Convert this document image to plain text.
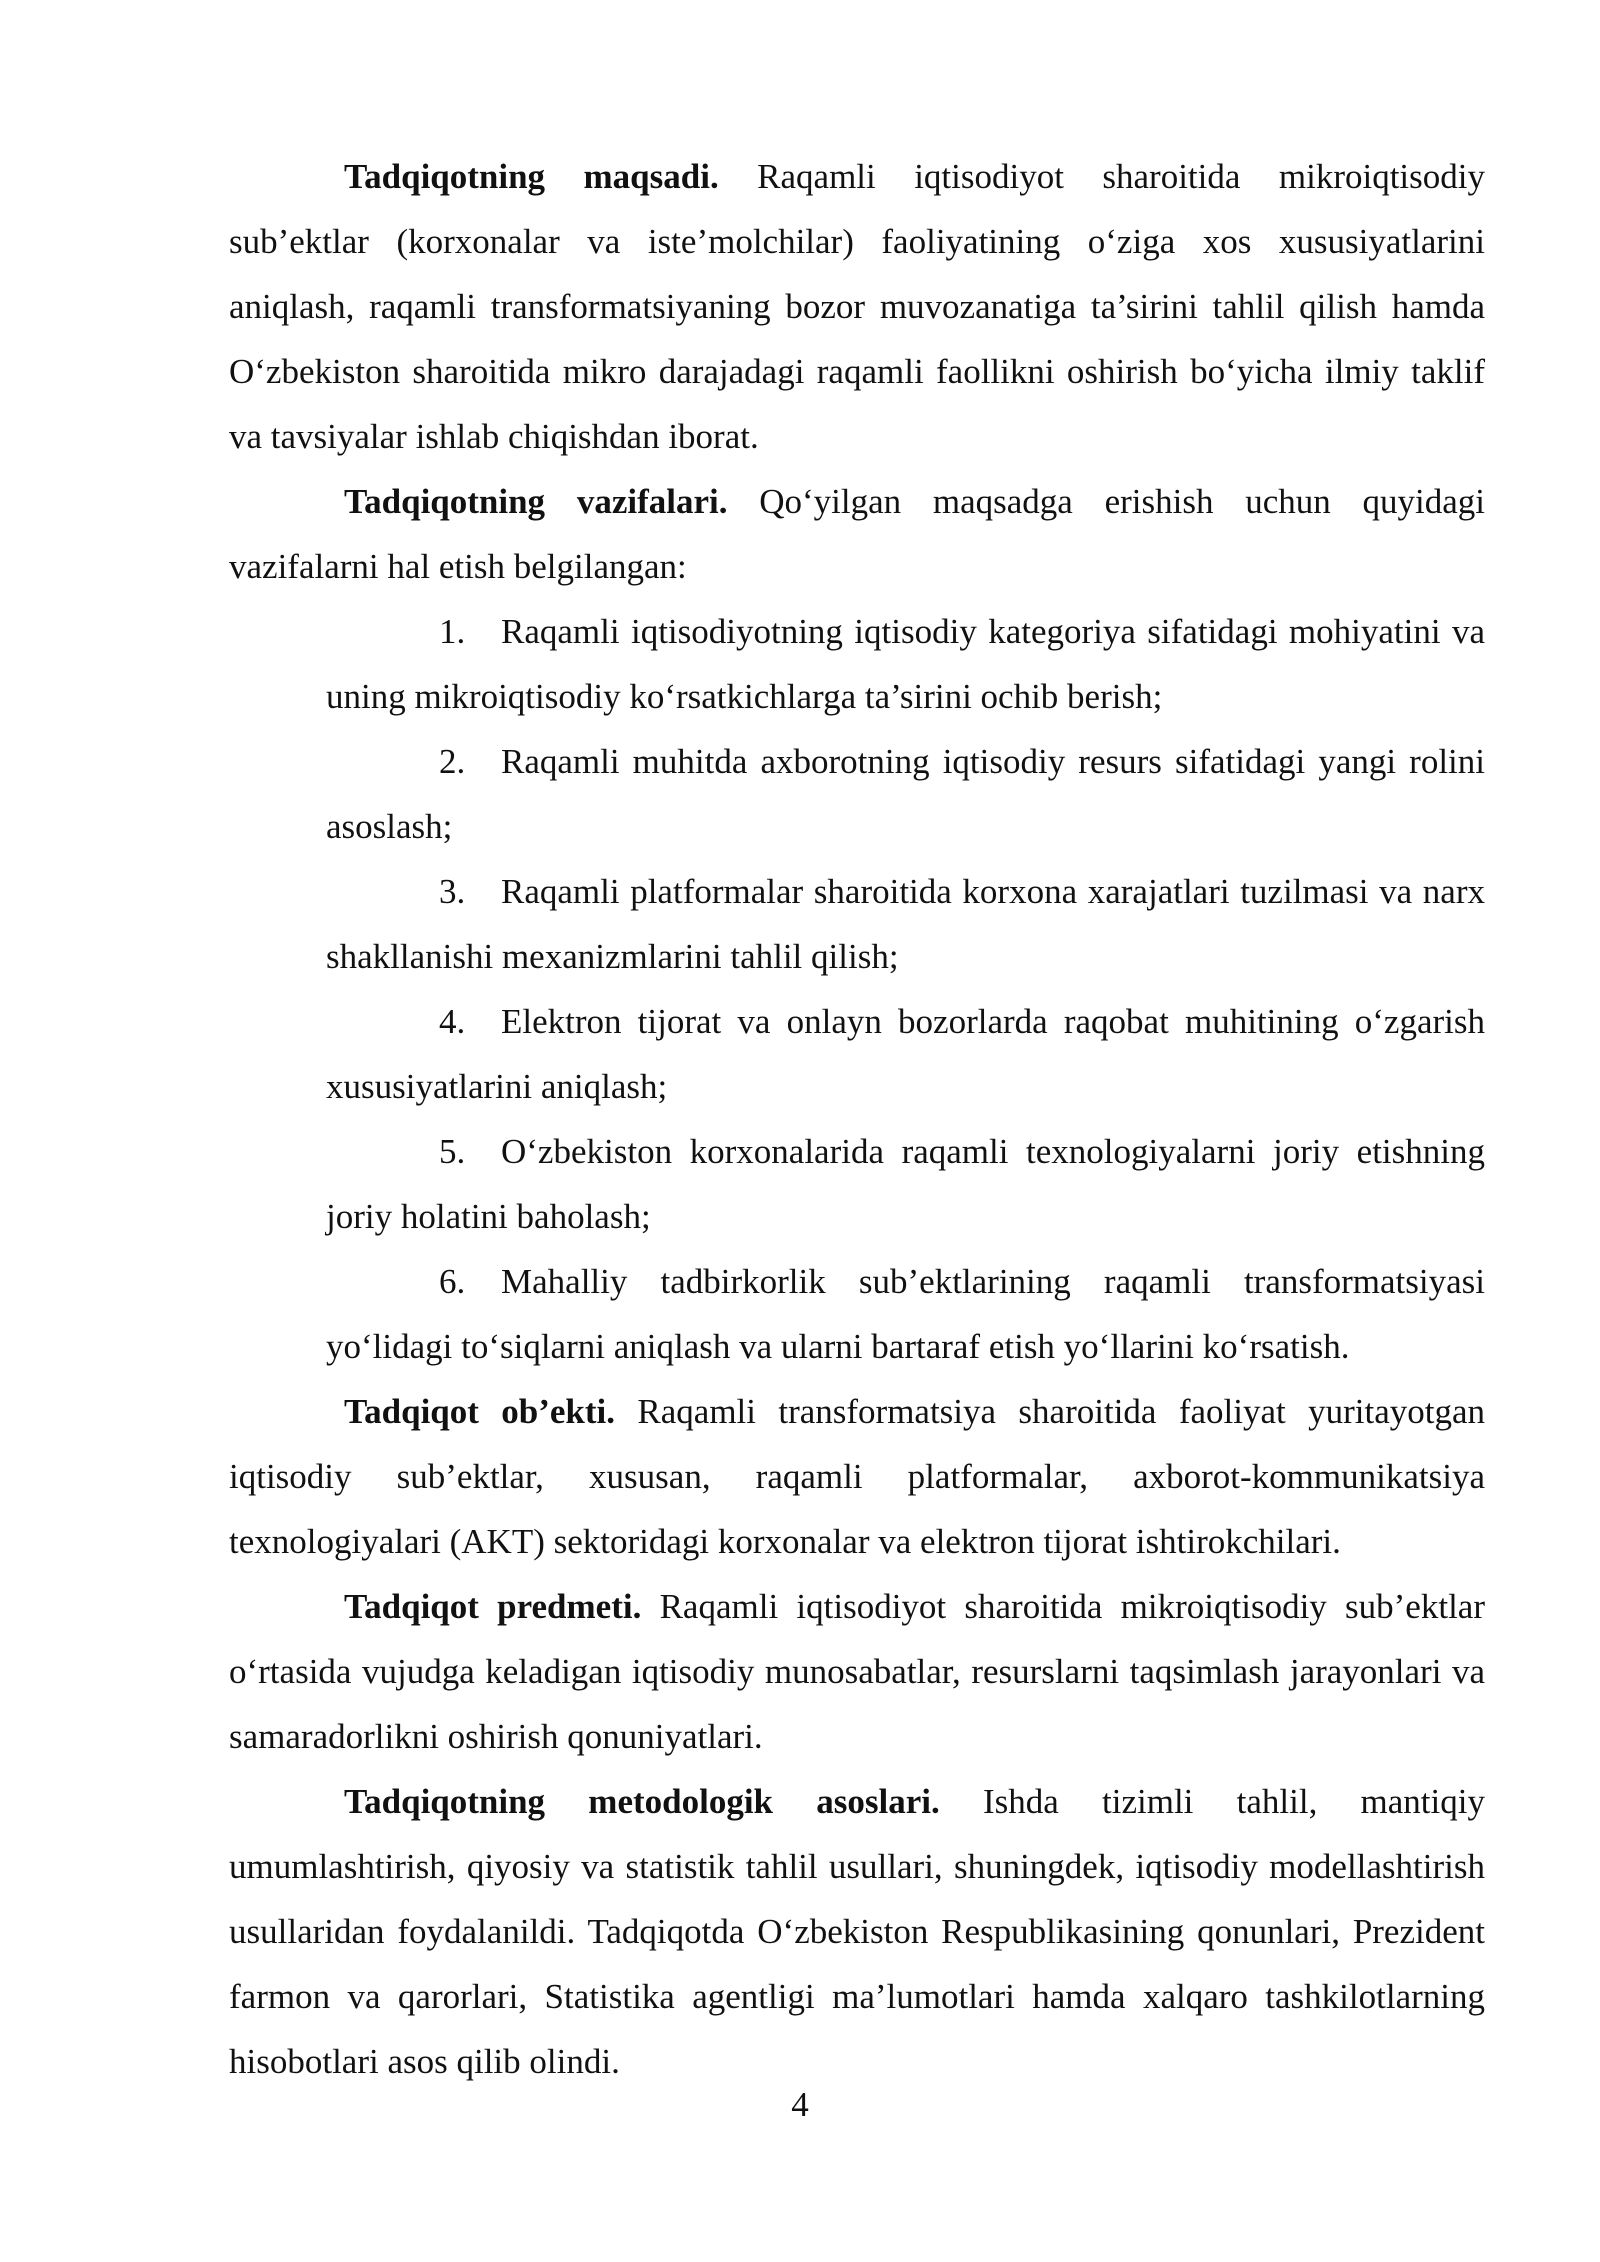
Tadqiqotning maqsadi. Raqamli iqtisodiyot sharoitida mikroiqtisodiy sub’ektlar (korxonalar va iste’molchilar) faoliyatining o‘ziga xos xususiyatlarini aniqlash, raqamli transformatsiyaning bozor muvozanatiga ta’sirini tahlil qilish hamda O‘zbekiston sharoitida mikro darajadagi raqamli faollikni oshirish bo‘yicha ilmiy taklif va tavsiyalar ishlab chiqishdan iborat.

Tadqiqotning vazifalari. Qo‘yilgan maqsadga erishish uchun quyidagi vazifalarni hal etish belgilangan:

1. Raqamli iqtisodiyotning iqtisodiy kategoriya sifatidagi mohiyatini va uning mikroiqtisodiy ko‘rsatkichlarga ta’sirini ochib berish;
2. Raqamli muhitda axborotning iqtisodiy resurs sifatidagi yangi rolini asoslash;
3. Raqamli platformalar sharoitida korxona xarajatlari tuzilmasi va narx shakllanishi mexanizmlarini tahlil qilish;
4. Elektron tijorat va onlayn bozorlarda raqobat muhitining o‘zgarish xususiyatlarini aniqlash;
5. O‘zbekiston korxonalarida raqamli texnologiyalarni joriy etishning joriy holatini baholash;
6. Mahalliy tadbirkorlik sub’ektlarining raqamli transformatsiyasi yo‘lidagi to‘siqlarni aniqlash va ularni bartaraf etish yo‘llarini ko‘rsatish.

Tadqiqot ob’ekti. Raqamli transformatsiya sharoitida faoliyat yuritayotgan iqtisodiy sub’ektlar, xususan, raqamli platformalar, axborot-kommunikatsiya texnologiyalari (AKT) sektoridagi korxonalar va elektron tijorat ishtirokchilari.

Tadqiqot predmeti. Raqamli iqtisodiyot sharoitida mikroiqtisodiy sub’ektlar o‘rtasida vujudga keladigan iqtisodiy munosabatlar, resurslarni taqsimlash jarayonlari va samaradorlikni oshirish qonuniyatlari.

Tadqiqotning metodologik asoslari. Ishda tizimli tahlil, mantiqiy umumlashtirish, qiyosiy va statistik tahlil usullari, shuningdek, iqtisodiy modellashtirish usullaridan foydalanildi. Tadqiqotda O‘zbekiston Respublikasining qonunlari, Prezident farmon va qarorlari, Statistika agentligi ma’lumotlari hamda xalqaro tashkilotlarning hisobotlari asos qilib olindi.

4
